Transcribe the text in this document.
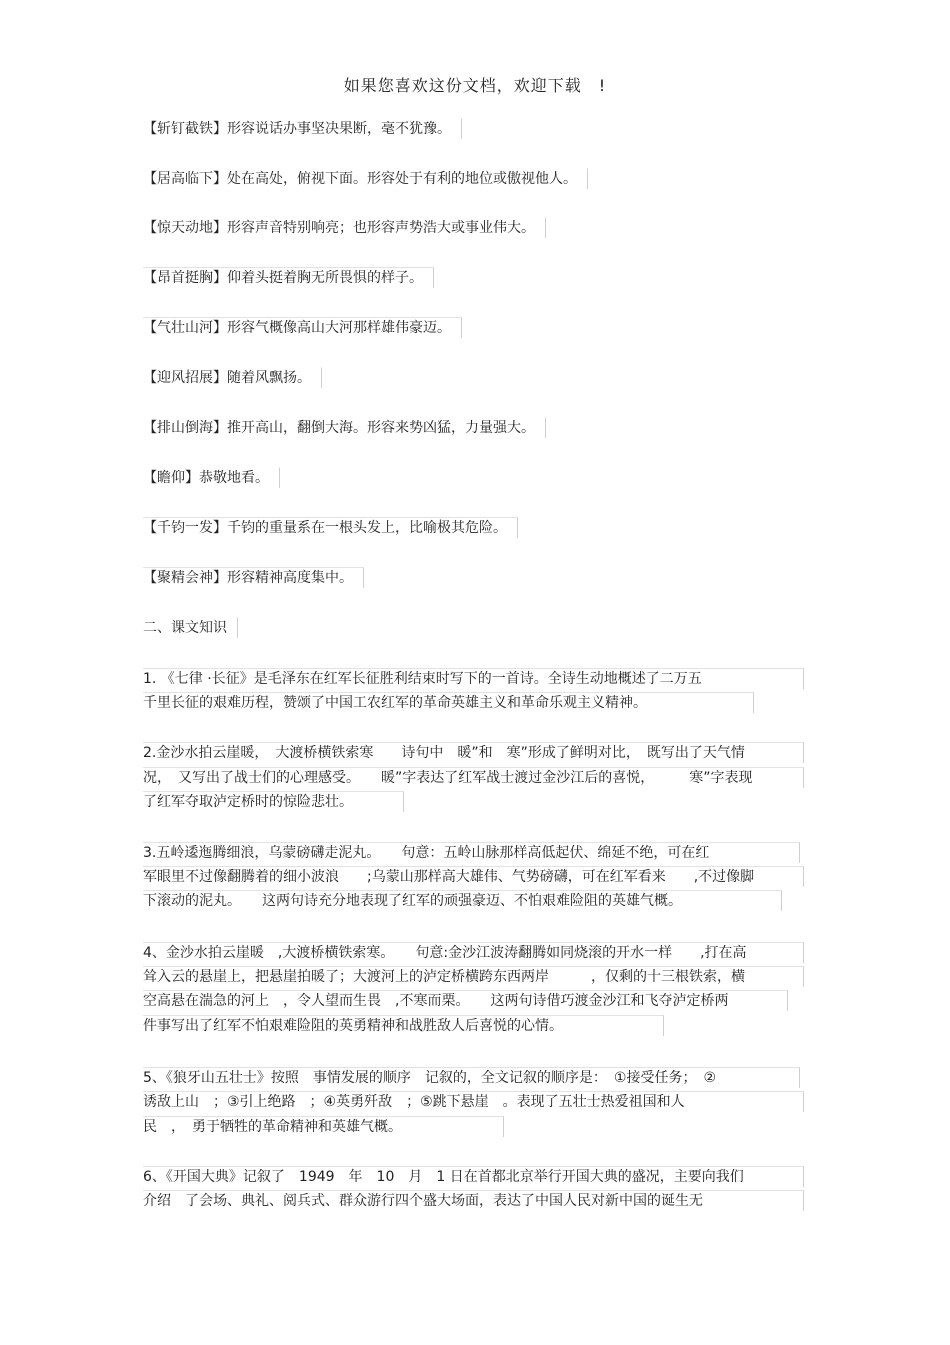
如果您喜欢这份文档，欢迎下载　!
【斩钉截铁】形容说话办事坚决果断，毫不犹豫。
【居高临下】处在高处，俯视下面。形容处于有利的地位或傲视他人。
【惊天动地】形容声音特别响亮；也形容声势浩大或事业伟大。
【昂首挺胸】仰着头挺着胸无所畏惧的样子。
【气壮山河】形容气概像高山大河那样雄伟豪迈。
【迎风招展】随着风飘扬。
【排山倒海】推开高山，翻倒大海。形容来势凶猛，力量强大。
【瞻仰】恭敬地看。
【千钧一发】千钧的重量系在一根头发上，比喻极其危险。
【聚精会神】形容精神高度集中。
二、课文知识
1. 《七律 ·长征》是毛泽东在红军长征胜利结束时写下的一首诗。全诗生动地概述了二万五
千里长征的艰难历程，赞颂了中国工农红军的革命英雄主义和革命乐观主义精神。
2.金沙水拍云崖暖，　大渡桥横铁索寒　　诗句中　暖”和　寒”形成了鲜明对比，　既写出了天气情
况，　又写出了战士们的心理感受。　　暖”字表达了红军战士渡过金沙江后的喜悦，　　　寒”字表现
了红军夺取泸定桥时的惊险悲壮。
3.五岭逶迤腾细浪，乌蒙磅礴走泥丸。　　句意：五岭山脉那样高低起伏、绵延不绝，可在红
军眼里不过像翻腾着的细小波浪　　;乌蒙山那样高大雄伟、气势磅礴，可在红军看来　　,不过像脚
下滚动的泥丸。　　这两句诗充分地表现了红军的顽强豪迈、不怕艰难险阻的英雄气概。
4、金沙水拍云崖暖　,大渡桥横铁索寒。　　句意:金沙江波涛翻腾如同烧滚的开水一样　　,打在高
耸入云的悬崖上，把悬崖拍暖了；大渡河上的泸定桥横跨东西两岸　　　，仅剩的十三根铁索，横
空高悬在湍急的河上　，令人望而生畏　,不寒而栗。　　这两句诗借巧渡金沙江和飞夺泸定桥两
件事写出了红军不怕艰难险阻的英勇精神和战胜敌人后喜悦的心情。
5、《狼牙山五壮士》按照　事情发展的顺序　记叙的，全文记叙的顺序是：　①接受任务；　②
诱敌上山　；③引上绝路　；④英勇歼敌　；⑤跳下悬崖　。表现了五壮士热爱祖国和人
民　，　勇于牺牲的革命精神和英雄气概。
6、《开国大典》记叙了　1949　年　10　月　1 日在首都北京举行开国大典的盛况，主要向我们
介绍　了会场、典礼、阅兵式、群众游行四个盛大场面，表达了中国人民对新中国的诞生无
